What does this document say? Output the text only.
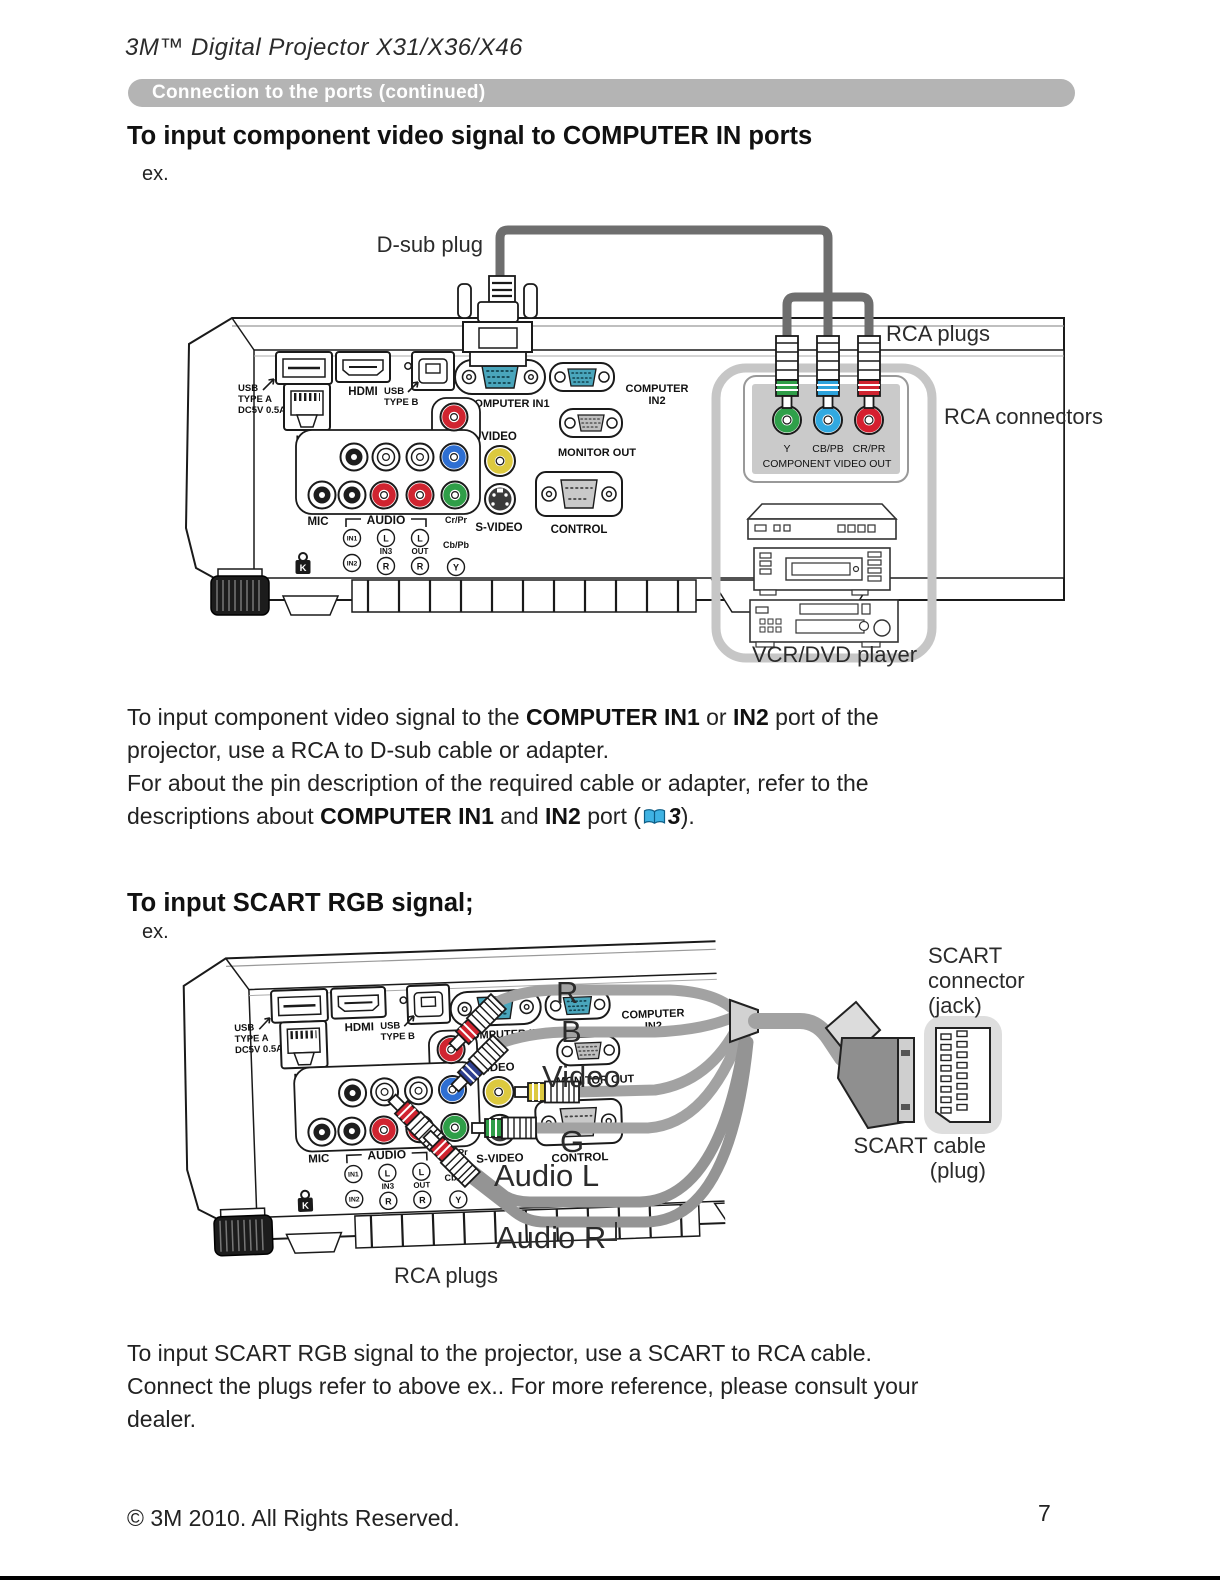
D-sub plug
Y CB/PB CR/PR
COMPONENT VIDEO OUT
RCA plugs
RCA connectors
VCR/DVD player
R
B
Video
G
Audio L
Audio R
RCA plugs
SCART
connector
(jack)
SCART cable
(plug)
3M™ Digital Projector X31/X36/X46
Connection to the ports (continued)
To input component video signal to COMPUTER IN ports
ex.
To input component video signal to the COMPUTER IN1 or IN2 port of the
projector, use a RCA to D-sub cable or adapter.
For about the pin description of the required cable or adapter, refer to the
descriptions about COMPUTER IN1 and IN2 port ( 3).
To input SCART RGB signal;
ex.
To input SCART RGB signal to the projector, use a SCART to RCA cable.
Connect the plugs refer to above ex.. For more reference, please consult your
dealer.
© 3M 2010. All Rights Reserved.	7
